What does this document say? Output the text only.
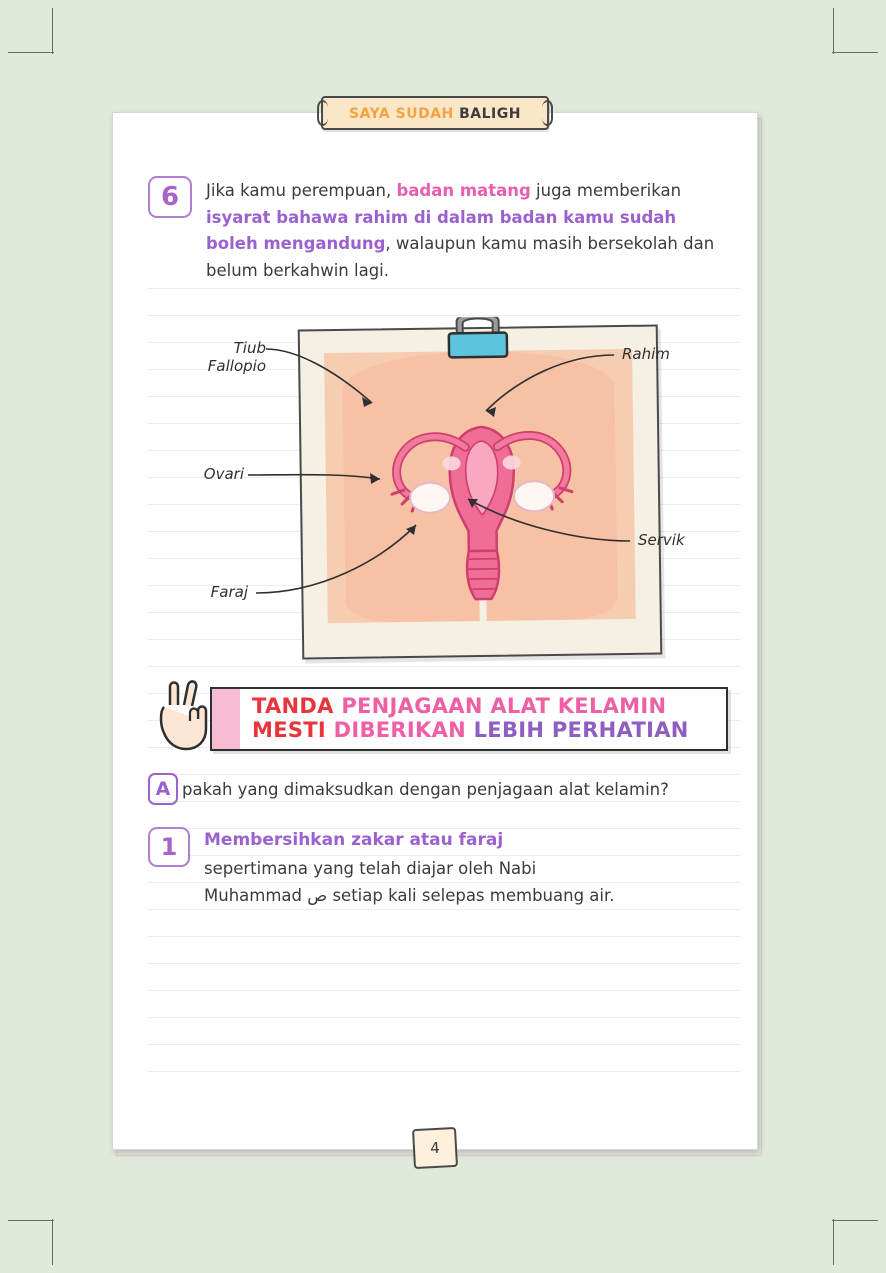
SAYA SUDAH BALIGH
6	Jika kamu perempuan, badan matang juga memberikan isyarat bahawa rahim di dalam badan kamu sudah boleh mengandung, walaupun kamu masih bersekolah dan belum berkahwin lagi.
Tiub
Fallopio
Ovari
Faraj
Rahim
Servik
TANDA PENJAGAAN ALAT KELAMIN
MESTI DIBERIKAN LEBIH PERHATIAN
A pakah yang dimaksudkan dengan penjagaan alat kelamin?
1	Membersihkan zakar atau faraj
sepertimana yang telah diajar oleh Nabi
Muhammad ص setiap kali selepas membuang air.
4
